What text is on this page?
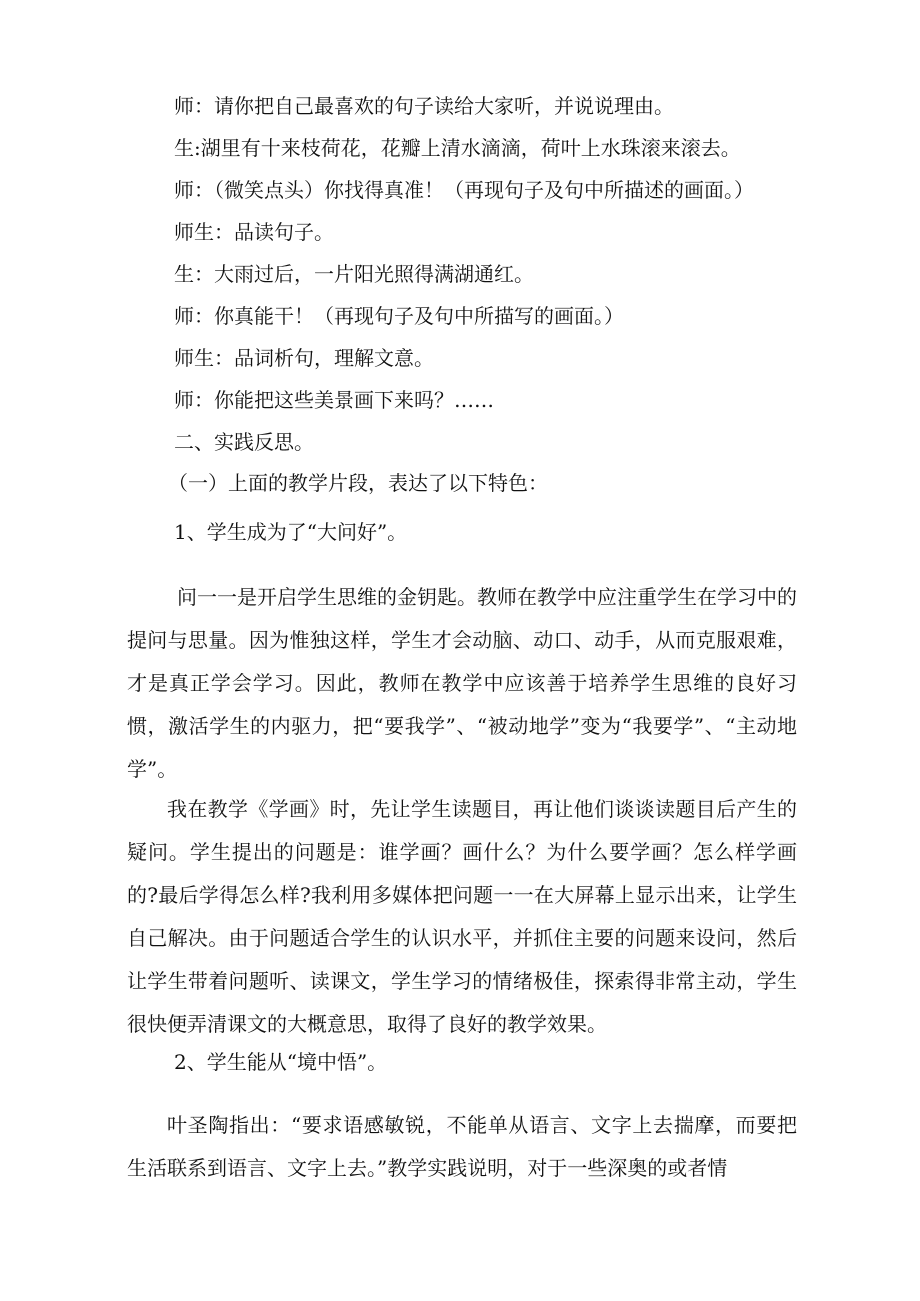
师：请你把自己最喜欢的句子读给大家听，并说说理由。
生:湖里有十来枝荷花，花瓣上清水滴滴，荷叶上水珠滚来滚去。
师：（微笑点头）你找得真准！（再现句子及句中所描述的画面。）
师生：品读句子。
生：大雨过后，一片阳光照得满湖通红。
师：你真能干！（再现句子及句中所描写的画面。）
师生：品词析句，理解文意。
师：你能把这些美景画下来吗？……
二、实践反思。
（一）上面的教学片段，表达了以下特色：
1、学生成为了“大问好”。

问一一是开启学生思维的金钥匙。教师在教学中应注重学生在学习中的提问与思量。因为惟独这样，学生才会动脑、动口、动手，从而克服艰难，才是真正学会学习。因此，教师在教学中应该善于培养学生思维的良好习惯，激活学生的内驱力，把“要我学”、“被动地学”变为“我要学”、“主动地学”。

我在教学《学画》时，先让学生读题目，再让他们谈谈读题目后产生的疑问。学生提出的问题是：谁学画？画什么？为什么要学画？怎么样学画的?最后学得怎么样?我利用多媒体把问题一一在大屏幕上显示出来，让学生自己解决。由于问题适合学生的认识水平，并抓住主要的问题来设问，然后让学生带着问题听、读课文，学生学习的情绪极佳，探索得非常主动，学生很快便弄清课文的大概意思，取得了良好的教学效果。

2、学生能从“境中悟”。

叶圣陶指出：“要求语感敏锐，不能单从语言、文字上去揣摩，而要把生活联系到语言、文字上去。”教学实践说明，对于一些深奥的或者情
